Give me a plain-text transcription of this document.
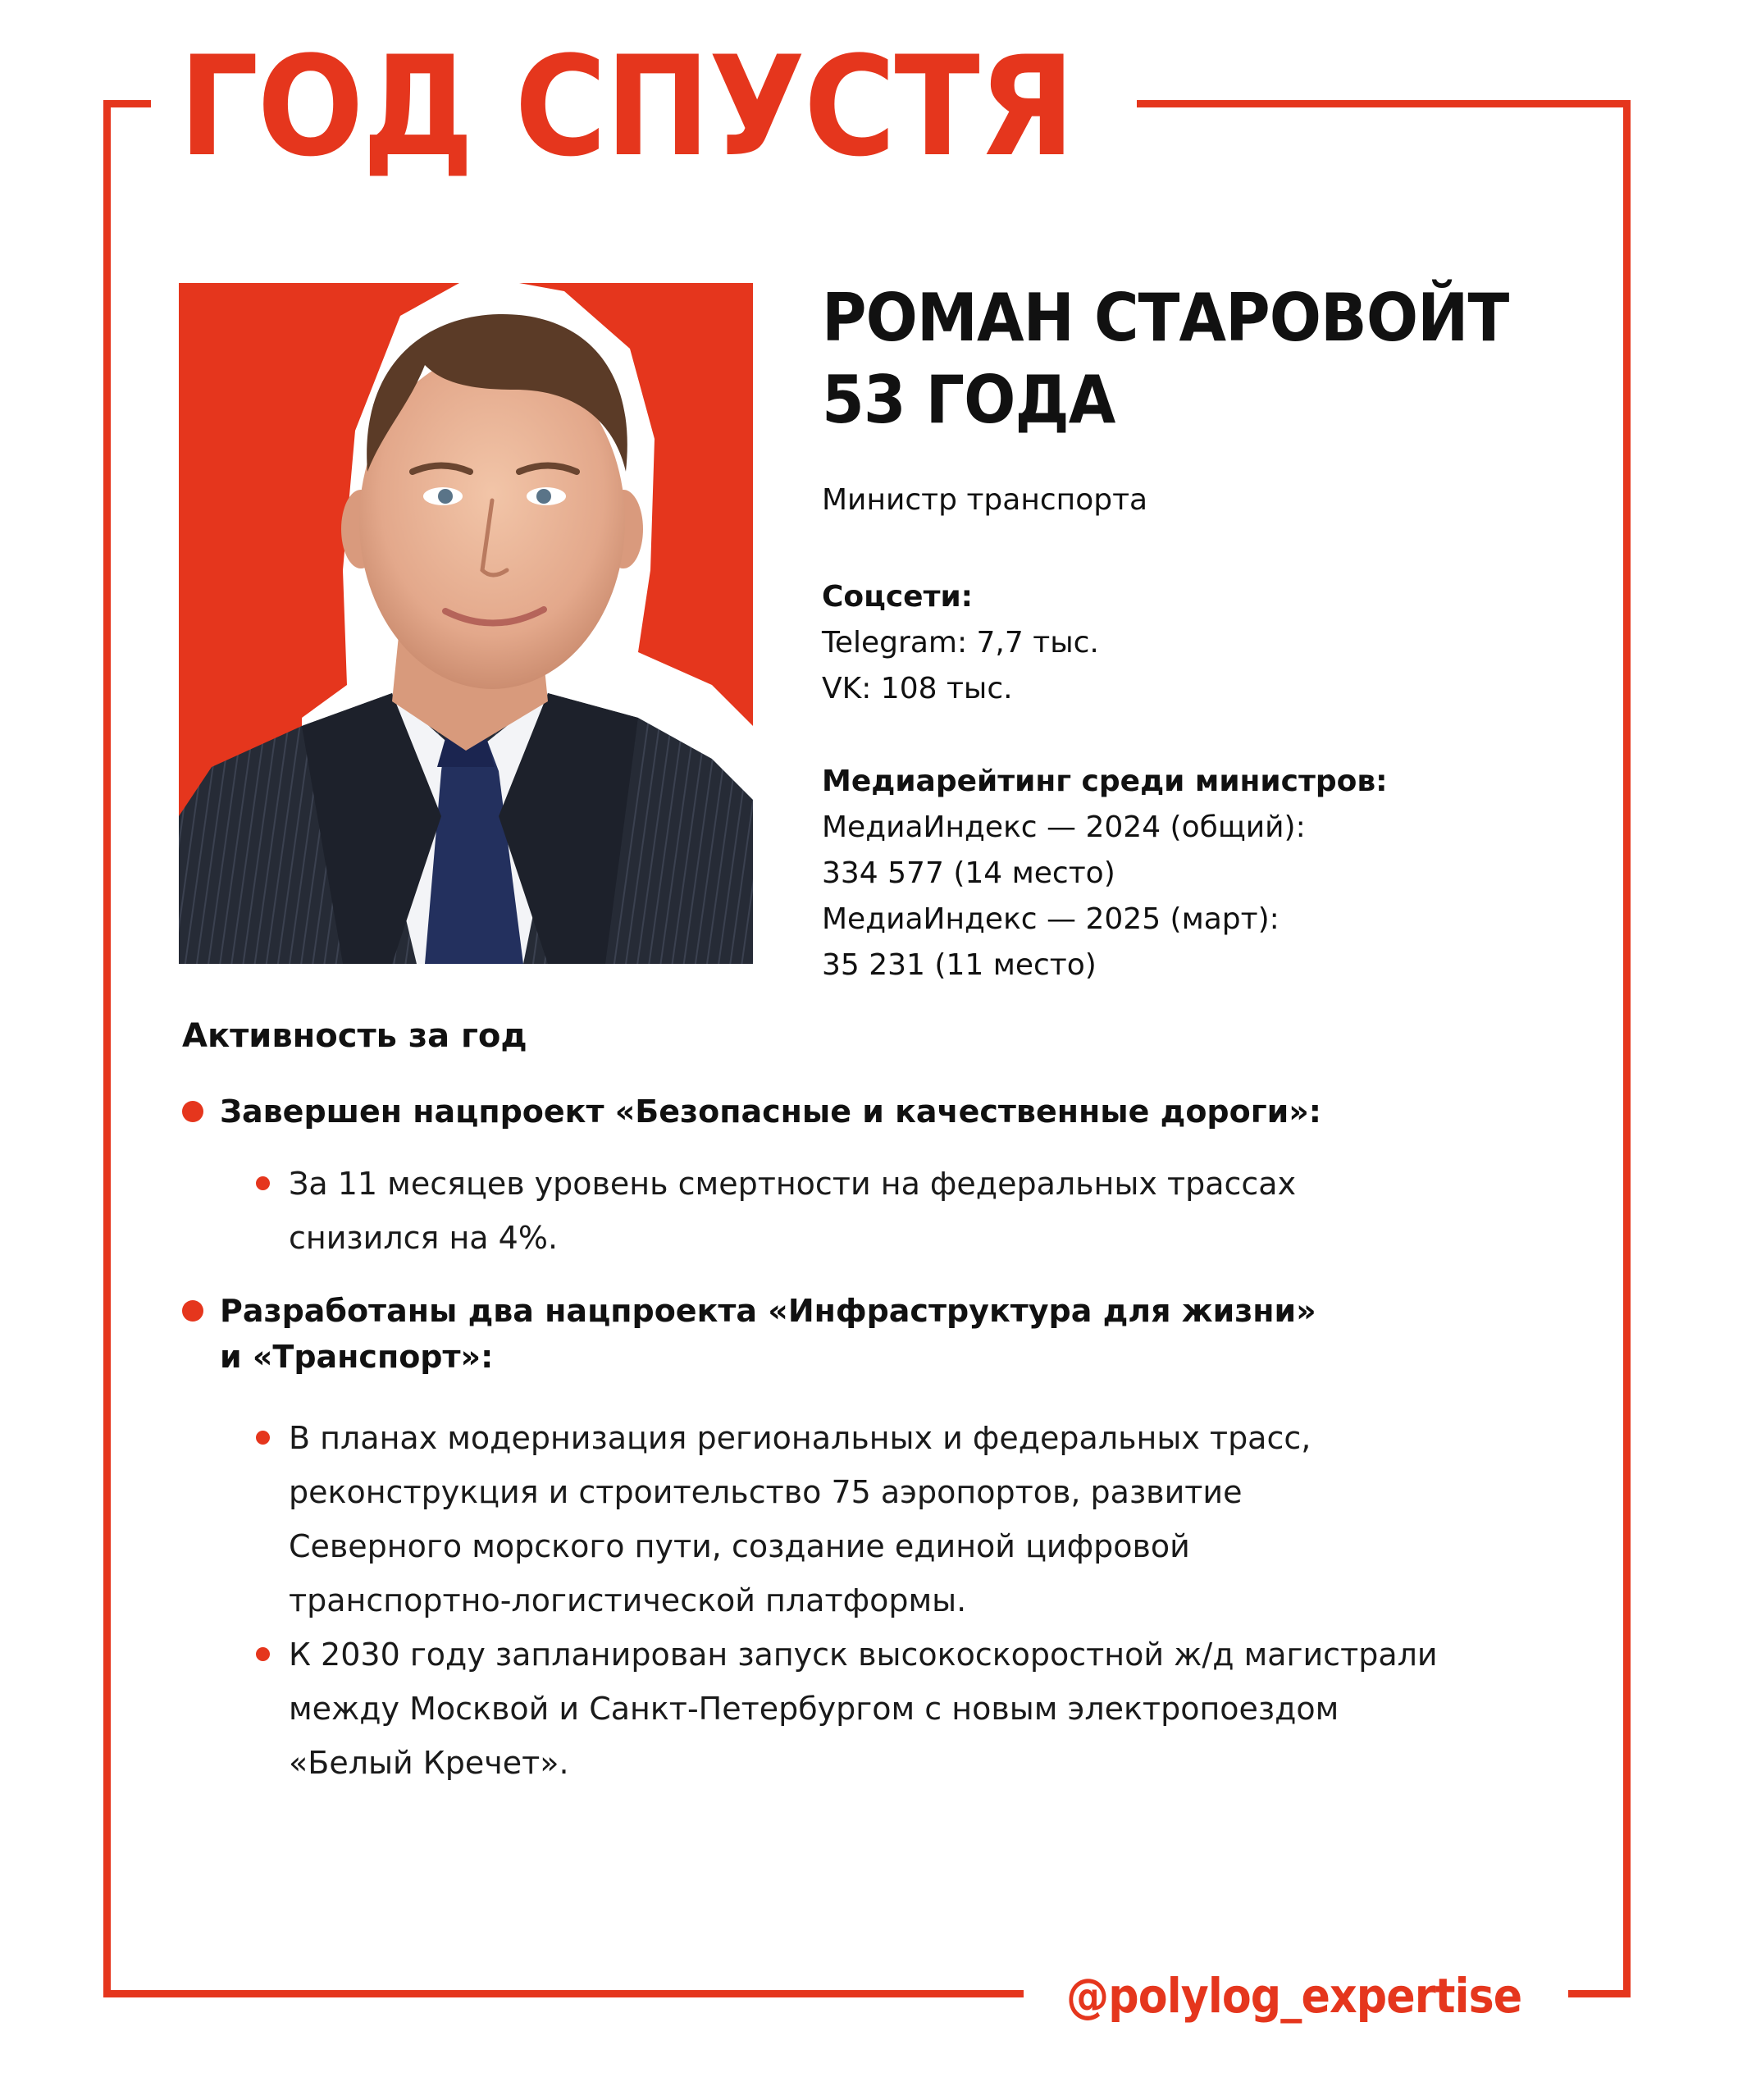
ГОД СПУСТЯ
РОМАН СТАРОВОЙТ
53 ГОДА
Министр транспорта
Соцсети:
Telegram: 7,7 тыс.
VK: 108 тыс.
Медиарейтинг среди министров:
МедиаИндекс — 2024 (общий):
334 577 (14 место)
МедиаИндекс — 2025 (март):
35 231 (11 место)
Активность за год
Завершен нацпроект «Безопасные и качественные дороги»:
За 11 месяцев уровень смертности на федеральных трассах
снизился на 4%.
Разработаны два нацпроекта «Инфраструктура для жизни»
и «Транспорт»:
В планах модернизация региональных и федеральных трасс,
реконструкция и строительство 75 аэропортов, развитие
Северного морского пути, создание единой цифровой
транспортно-логистической платформы.
К 2030 году запланирован запуск высокоскоростной ж/д магистрали
между Москвой и Санкт-Петербургом с новым электропоездом
«Белый Кречет».
@polylog_expertise
